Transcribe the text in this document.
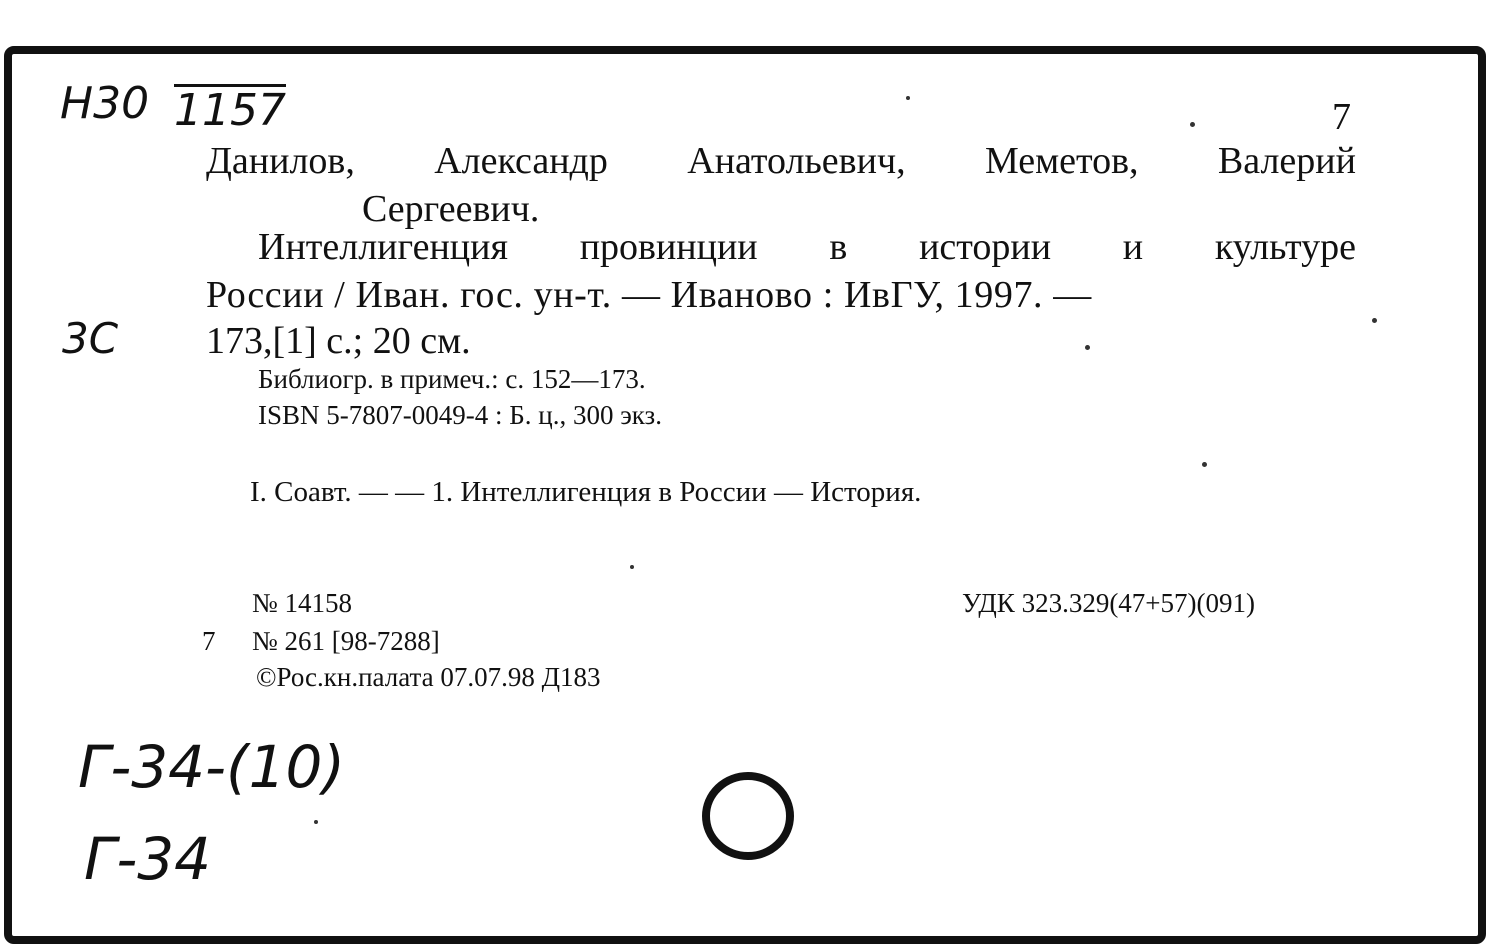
Н30 1157	7
Данилов, Александр Анатольевич, Меметов, Валерий
Сергеевич.
Интеллигенция провинции в истории и культуре
России / Иван. гос. ун-т. — Иваново : ИвГУ, 1997. —
3С 173,[1] с.; 20 см.
Библиогр. в примеч.: с. 152—173.
ISBN 5-7807-0049-4 : Б. ц., 300 экз.
I. Соавт. — — 1. Интеллигенция в России — История.
№ 14158	УДК 323.329(47+57)(091)
7 № 261 [98-7288]
©Рос.кн.палата 07.07.98 Д183
Г-34-(10)
Г-34
